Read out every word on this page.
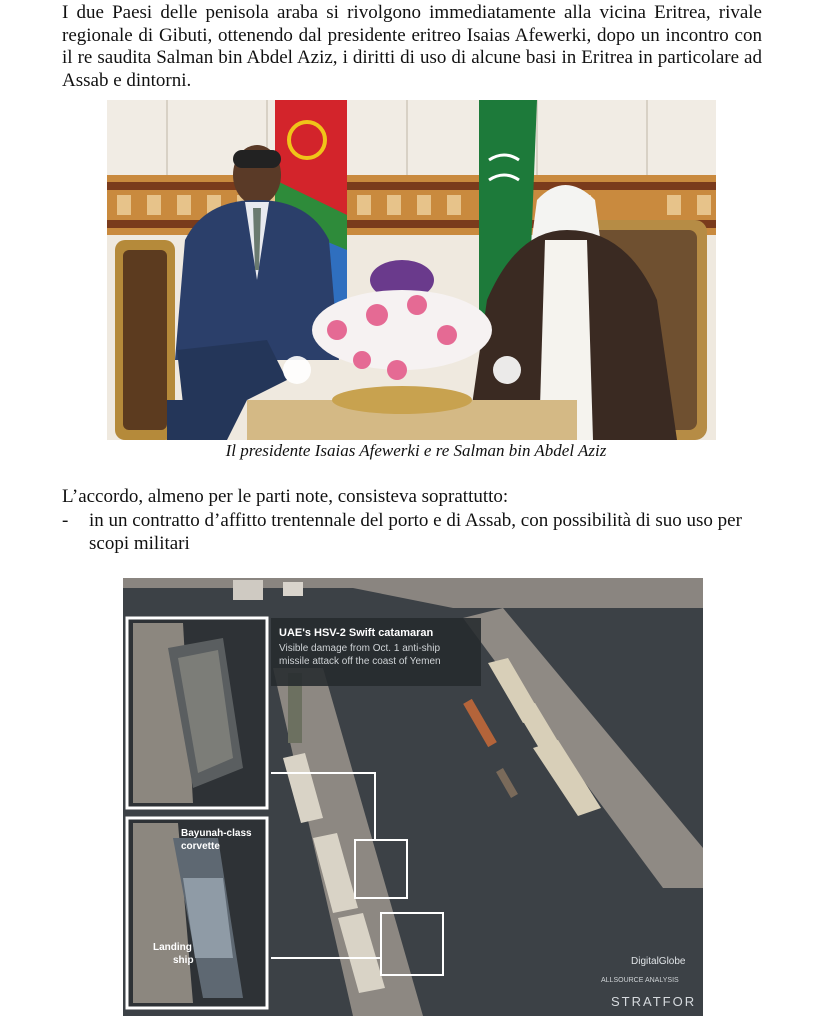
I due Paesi delle penisola araba si rivolgono immediatamente alla vicina Eritrea, rivale regionale di Gibuti, ottenendo dal presidente eritreo Isaias Afewerki, dopo un incontro con il re saudita Salman bin Abdel Aziz, i diritti di uso di alcune basi in Eritrea in particolare ad Assab e dintorni.
Il presidente Isaias Afewerki e re Salman bin Abdel Aziz
L’accordo, almeno per le parti note, consisteva soprattutto:
- in un contratto d’affitto trentennale del porto e di Assab, con possibilità di suo uso per scopi militari
UAE's HSV-2 Swift catamaran
Visible damage from Oct. 1 anti-ship
missile attack off the coast of Yemen
Bayunah-class
corvette
Landing
ship	DigitalGlobe
ALLSOURCE ANALYSIS
STRATFOR
